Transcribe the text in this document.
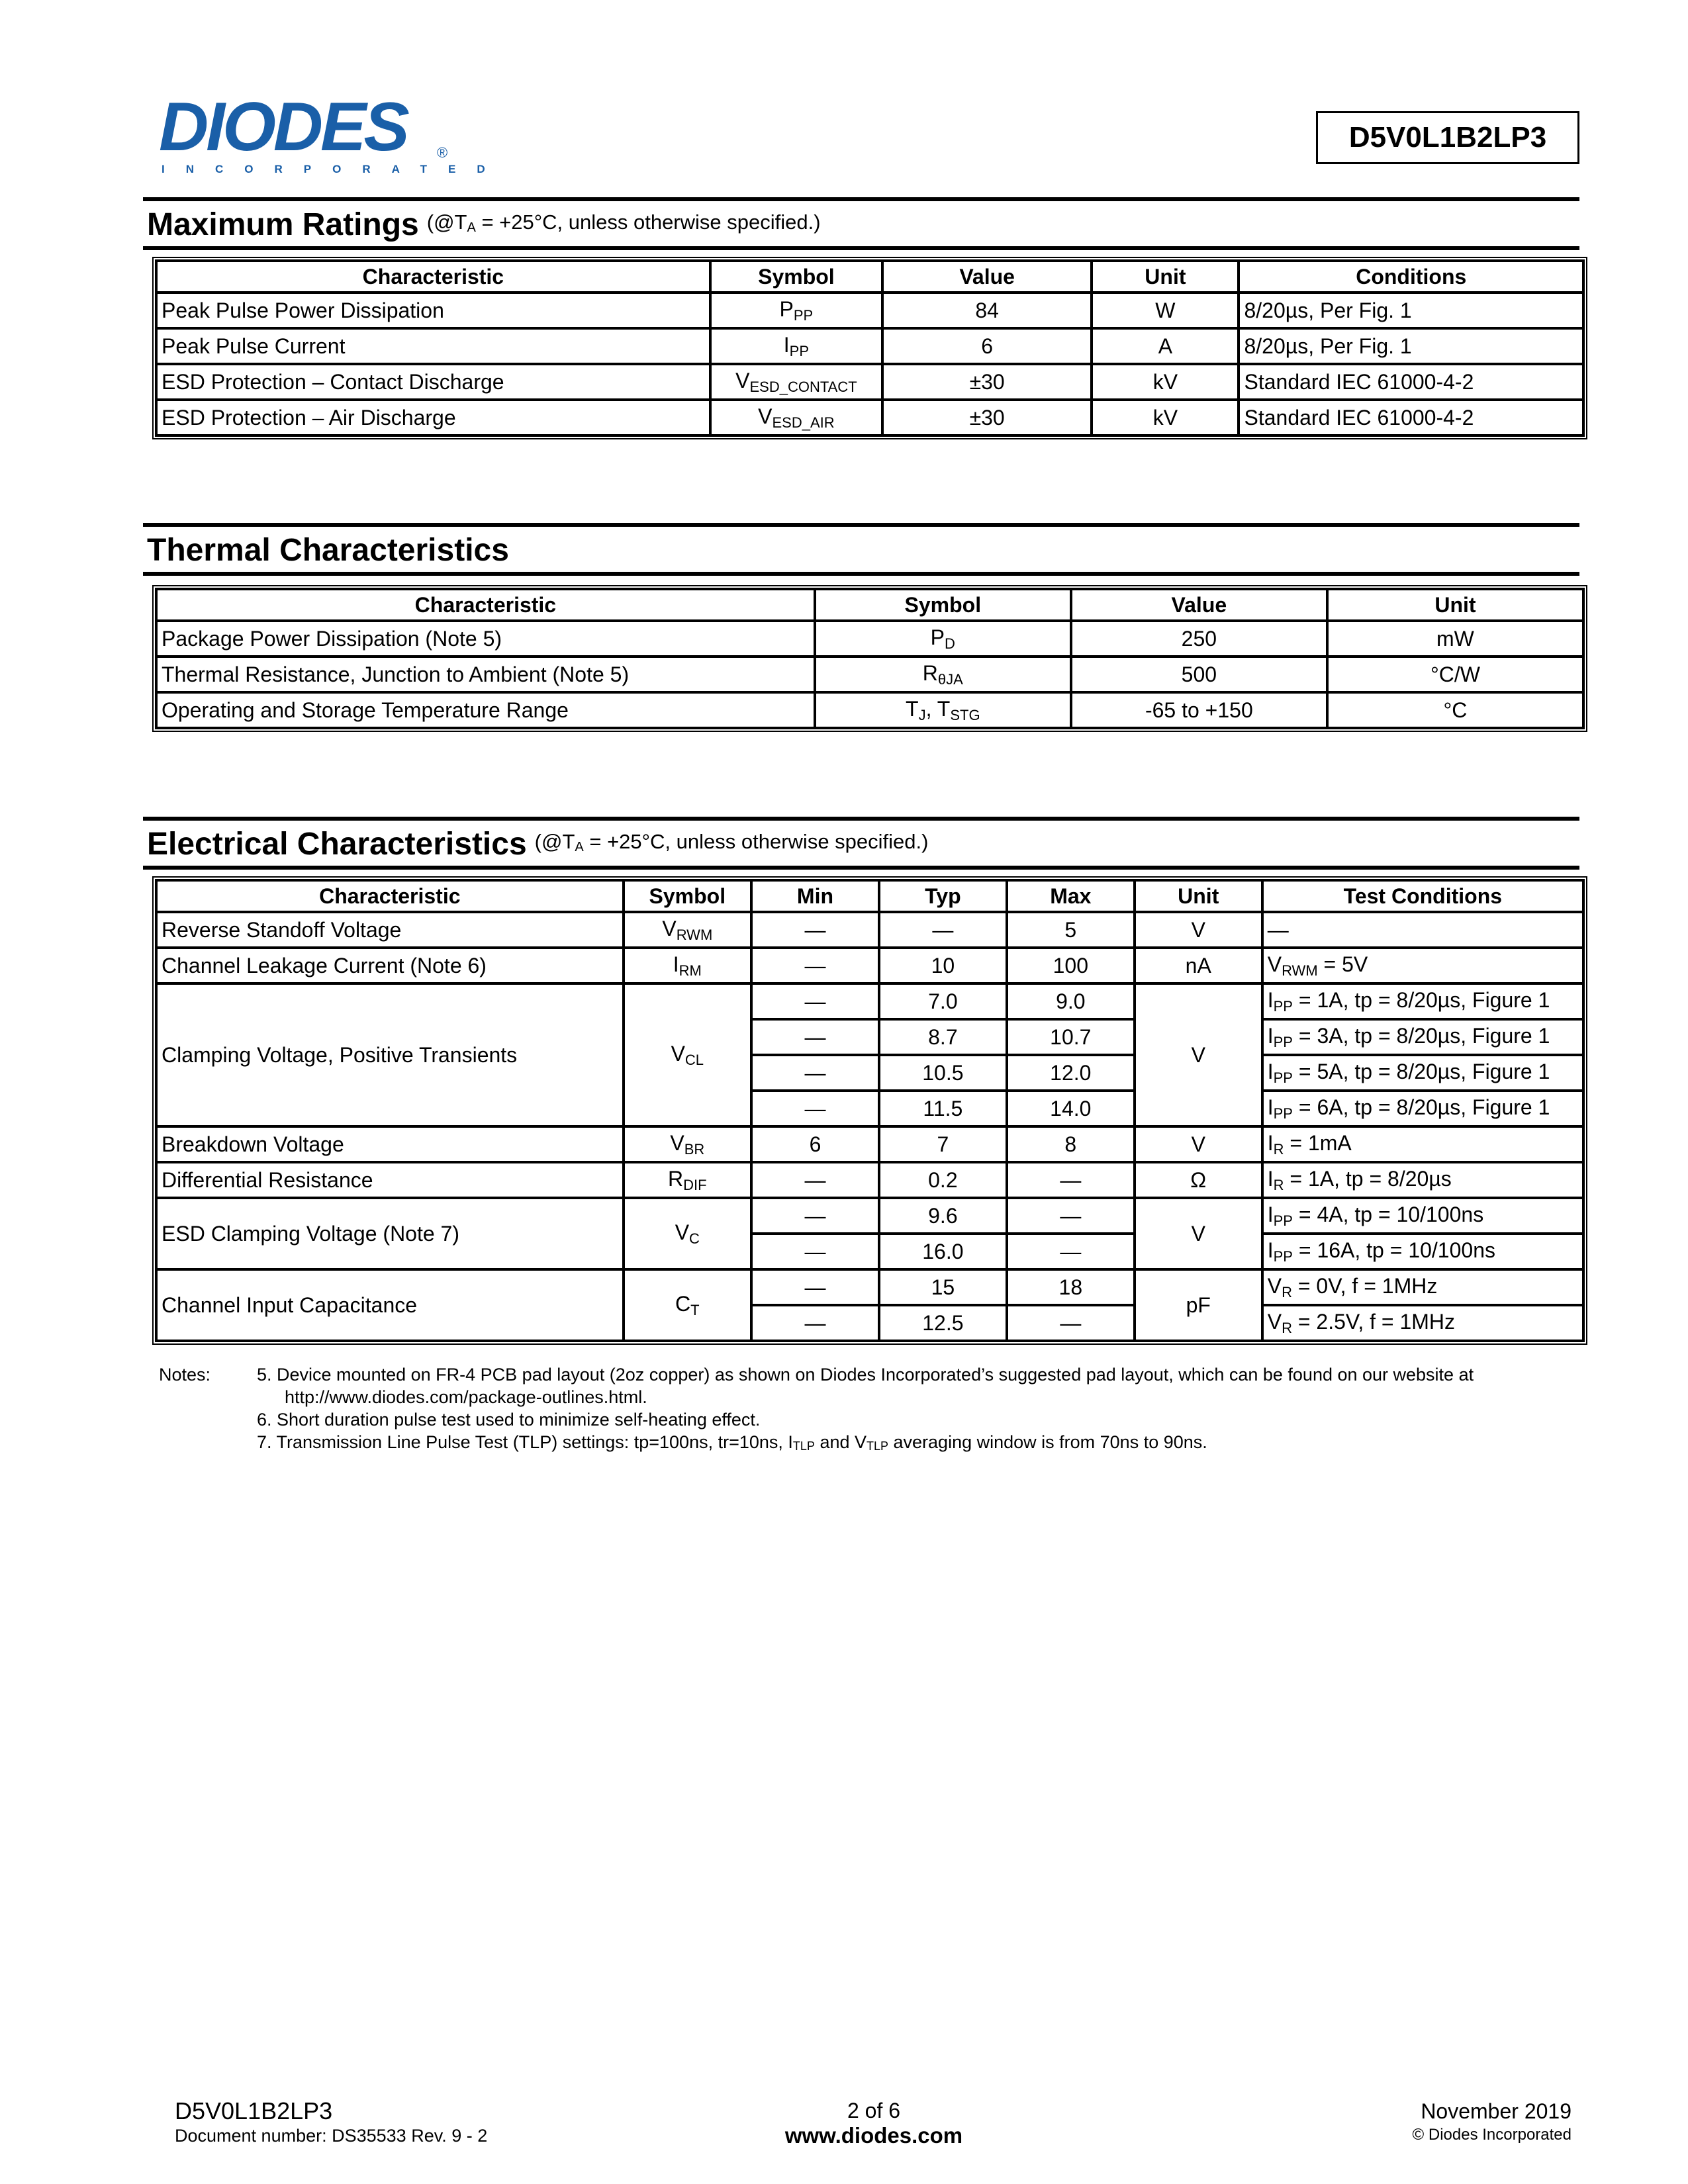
DIODES
INCORPORATED
®	D5V0L1B2LP3
Maximum Ratings ($@T_A = +25^\circ C$, unless otherwise specified.)
Characteristic	Symbol	Value	Unit	Conditions
Peak Pulse Power Dissipation	$P_{PP}$	84	W	8/20µs, Per Fig. 1
Peak Pulse Current	$I_{PP}$	6	A	8/20µs, Per Fig. 1
ESD Protection – Contact Discharge	$V_{ESD\_CONTACT}$	±30	kV	Standard IEC 61000-4-2
ESD Protection – Air Discharge	$V_{ESD\_AIR}$	±30	kV	Standard IEC 61000-4-2
Thermal Characteristics
Characteristic	Symbol	Value	Unit
Package Power Dissipation (Note 5)	$P_D$	250	mW
Thermal Resistance, Junction to Ambient (Note 5)	$R_{\theta JA}$	500	°C/W
Operating and Storage Temperature Range	$T_J$, $T_{STG}$	-65 to +150	°C
Electrical Characteristics ($@T_A = +25^\circ C$, unless otherwise specified.)
Characteristic	Symbol	Min	Typ	Max	Unit	Test Conditions
Reverse Standoff Voltage	$V_{RWM}$	—	—	5	V	—
Channel Leakage Current (Note 6)	$I_{RM}$	—	10	100	nA	$V_{RWM} = 5V$
Clamping Voltage, Positive Transients	$V_{CL}$	—	7.0	9.0	V	$I_{PP} = 1A$, tp = 8/20µs, Figure 1
		—	8.7	10.7		$I_{PP} = 3A$, tp = 8/20µs, Figure 1
		—	10.5	12.0		$I_{PP} = 5A$, tp = 8/20µs, Figure 1
		—	11.5	14.0		$I_{PP} = 6A$, tp = 8/20µs, Figure 1
Breakdown Voltage	$V_{BR}$	6	7	8	V	$I_R = 1mA$
Differential Resistance	$R_{DIF}$	—	0.2	—	Ω	$I_R = 1A$, tp = 8/20µs
ESD Clamping Voltage (Note 7)	$V_C$	—	9.6	—	V	$I_{PP} = 4A$, tp = 10/100ns
		—	16.0	—		$I_{PP} = 16A$, tp = 10/100ns
Channel Input Capacitance	$C_T$	—	15	18	pF	$V_R = 0V$, f = 1MHz
		—	12.5	—		$V_R = 2.5V$, f = 1MHz
Notes:	5. Device mounted on FR-4 PCB pad layout (2oz copper) as shown on Diodes Incorporated’s suggested pad layout, which can be found on our website at
http://www.diodes.com/package-outlines.html.
6. Short duration pulse test used to minimize self-heating effect.
7. Transmission Line Pulse Test (TLP) settings: tp=100ns, tr=10ns, $I_{TLP}$ and $V_{TLP}$ averaging window is from 70ns to 90ns.
D5V0L1B2LP3
Document number: DS35533 Rev. 9 - 2
2 of 6
www.diodes.com
November 2019
© Diodes Incorporated
